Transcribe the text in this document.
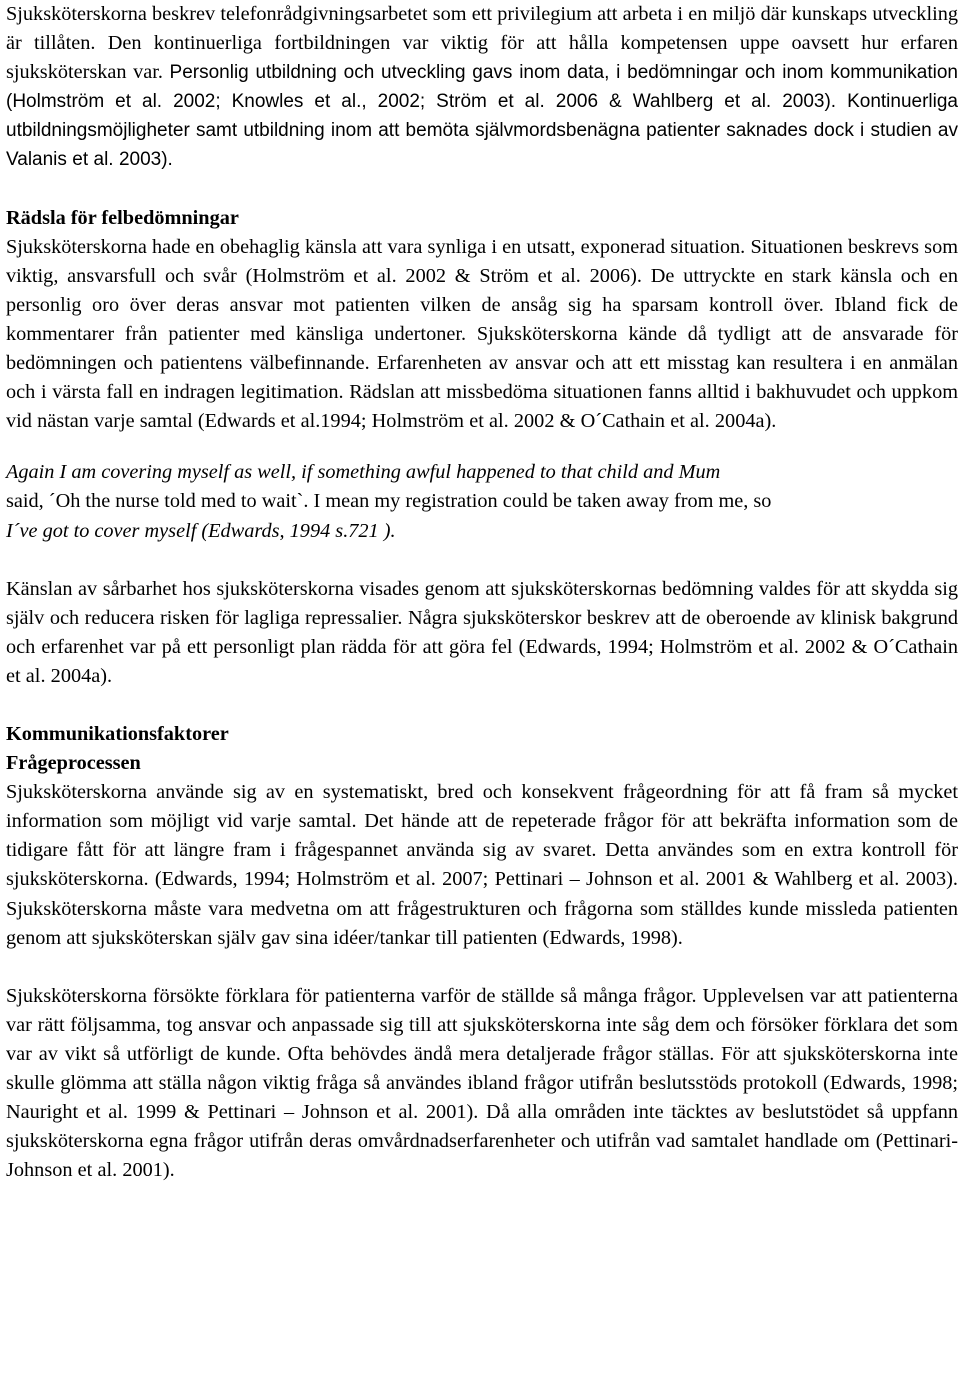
Sjuksköterskorna beskrev telefonrådgivningsarbetet som ett privilegium att arbeta i en miljö där kunskaps utveckling är tillåten. Den kontinuerliga fortbildningen var viktig för att hålla kompetensen uppe oavsett hur erfaren sjuksköterskan var. Personlig utbildning och utveckling gavs inom data, i bedömningar och inom kommunikation (Holmström et al. 2002; Knowles et al., 2002; Ström et al. 2006 & Wahlberg et al. 2003). Kontinuerliga utbildningsmöjligheter samt utbildning inom att bemöta självmordsbenägna patienter saknades dock i studien av Valanis et al. 2003).

Rädsla för felbedömningar

Sjuksköterskorna hade en obehaglig känsla att vara synliga i en utsatt, exponerad situation. Situationen beskrevs som viktig, ansvarsfull och svår (Holmström et al. 2002 & Ström et al. 2006). De uttryckte en stark känsla och en personlig oro över deras ansvar mot patienten vilken de ansåg sig ha sparsam kontroll över. Ibland fick de kommentarer från patienter med känsliga undertoner. Sjuksköterskorna kände då tydligt att de ansvarade för bedömningen och patientens välbefinnande. Erfarenheten av ansvar och att ett misstag kan resultera i en anmälan och i värsta fall en indragen legitimation. Rädslan att missbedöma situationen fanns alltid i bakhuvudet och uppkom vid nästan varje samtal (Edwards et al.1994; Holmström et al. 2002 & O´Cathain et al. 2004a).

Again I am covering myself as well, if something awful happened to that child and Mum
said, ´Oh the nurse told med to wait`. I mean my registration could be taken away from me, so
I´ve got to cover myself (Edwards, 1994 s.721 ).

Känslan av sårbarhet hos sjuksköterskorna visades genom att sjuksköterskornas bedömning valdes för att skydda sig själv och reducera risken för lagliga repressalier. Några sjuksköterskor beskrev att de oberoende av klinisk bakgrund och erfarenhet var på ett personligt plan rädda för att göra fel (Edwards, 1994; Holmström et al. 2002 & O´Cathain et al. 2004a).

Kommunikationsfaktorer

Frågeprocessen

Sjuksköterskorna använde sig av en systematiskt, bred och konsekvent frågeordning för att få fram så mycket information som möjligt vid varje samtal. Det hände att de repeterade frågor för att bekräfta information som de tidigare fått för att längre fram i frågespannet använda sig av svaret. Detta användes som en extra kontroll för sjuksköterskorna. (Edwards, 1994; Holmström et al. 2007; Pettinari – Johnson et al. 2001 & Wahlberg et al. 2003). Sjuksköterskorna måste vara medvetna om att frågestrukturen och frågorna som ställdes kunde missleda patienten genom att sjuksköterskan själv gav sina idéer/tankar till patienten (Edwards, 1998).

Sjuksköterskorna försökte förklara för patienterna varför de ställde så många frågor. Upplevelsen var att patienterna var rätt följsamma, tog ansvar och anpassade sig till att sjuksköterskorna inte såg dem och försöker förklara det som var av vikt så utförligt de kunde. Ofta behövdes ändå mera detaljerade frågor ställas. För att sjuksköterskorna inte skulle glömma att ställa någon viktig fråga så användes ibland frågor utifrån beslutsstöds protokoll (Edwards, 1998; Nauright et al. 1999 & Pettinari – Johnson et al. 2001). Då alla områden inte täcktes av beslutstödet så uppfann sjuksköterskorna egna frågor utifrån deras omvårdnadserfarenheter och utifrån vad samtalet handlade om (Pettinari-Johnson et al. 2001).
